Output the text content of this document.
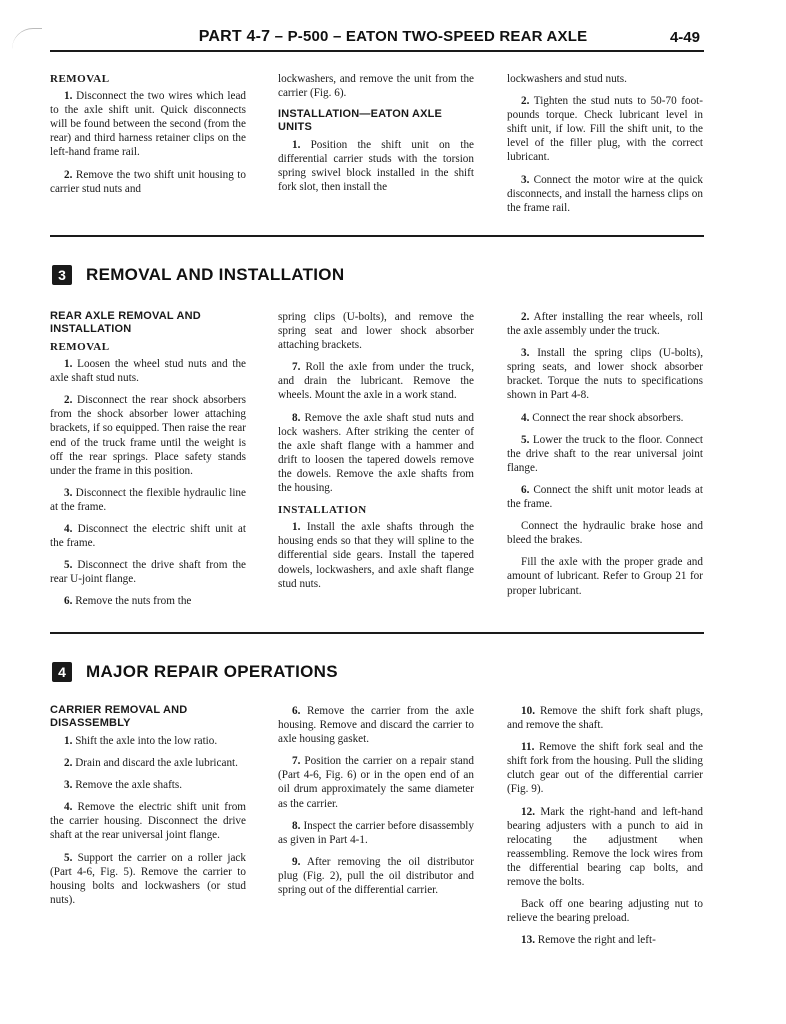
PART 4-7 – P-500 – EATON TWO-SPEED REAR AXLE	4-49
REMOVAL

1. Disconnect the two wires which lead to the axle shift unit. Quick disconnects will be found between the second (from the rear) and third harness retainer clips on the left-hand frame rail.

2. Remove the two shift unit housing to carrier stud nuts and

lockwashers, and remove the unit from the carrier (Fig. 6).

INSTALLATION—EATON AXLE UNITS

1. Position the shift unit on the differential carrier studs with the torsion spring swivel block installed in the shift fork slot, then install the

lockwashers and stud nuts.

2. Tighten the stud nuts to 50-70 foot-pounds torque. Check lubricant level in shift unit, if low. Fill the shift unit, to the level of the filler plug, with the correct lubricant.

3. Connect the motor wire at the quick disconnects, and install the harness clips on the frame rail.

3	REMOVAL AND INSTALLATION
REAR AXLE REMOVAL AND INSTALLATION
REMOVAL

1. Loosen the wheel stud nuts and the axle shaft stud nuts.

2. Disconnect the rear shock absorbers from the shock absorber lower attaching brackets, if so equipped. Then raise the rear end of the truck frame until the weight is off the rear springs. Place safety stands under the frame in this position.

3. Disconnect the flexible hydraulic line at the frame.

4. Disconnect the electric shift unit at the frame.

5. Disconnect the drive shaft from the rear U-joint flange.

6. Remove the nuts from the

spring clips (U-bolts), and remove the spring seat and lower shock absorber attaching brackets.

7. Roll the axle from under the truck, and drain the lubricant. Remove the wheels. Mount the axle in a work stand.

8. Remove the axle shaft stud nuts and lock washers. After striking the center of the axle shaft flange with a hammer and drift to loosen the tapered dowels remove the dowels. Remove the axle shafts from the housing.

INSTALLATION

1. Install the axle shafts through the housing ends so that they will spline to the differential side gears. Install the tapered dowels, lockwashers, and axle shaft flange stud nuts.

2. After installing the rear wheels, roll the axle assembly under the truck.

3. Install the spring clips (U-bolts), spring seats, and lower shock absorber bracket. Torque the nuts to specifications shown in Part 4-8.

4. Connect the rear shock absorbers.

5. Lower the truck to the floor. Connect the drive shaft to the rear universal joint flange.

6. Connect the shift unit motor leads at the frame.

Connect the hydraulic brake hose and bleed the brakes.

Fill the axle with the proper grade and amount of lubricant. Refer to Group 21 for proper lubricant.

4	MAJOR REPAIR OPERATIONS
CARRIER REMOVAL AND DISASSEMBLY

1. Shift the axle into the low ratio.

2. Drain and discard the axle lubricant.

3. Remove the axle shafts.

4. Remove the electric shift unit from the carrier housing. Disconnect the drive shaft at the rear universal joint flange.

5. Support the carrier on a roller jack (Part 4-6, Fig. 5). Remove the carrier to housing bolts and lockwashers (or stud nuts).

6. Remove the carrier from the axle housing. Remove and discard the carrier to axle housing gasket.

7. Position the carrier on a repair stand (Part 4-6, Fig. 6) or in the open end of an oil drum approximately the same diameter as the carrier.

8. Inspect the carrier before disassembly as given in Part 4-1.

9. After removing the oil distributor plug (Fig. 2), pull the oil distributor and spring out of the differential carrier.

10. Remove the shift fork shaft plugs, and remove the shaft.

11. Remove the shift fork seal and the shift fork from the housing. Pull the sliding clutch gear out of the differential carrier (Fig. 9).

12. Mark the right-hand and left-hand bearing adjusters with a punch to aid in relocating the adjustment when reassembling. Remove the lock wires from the differential bearing cap bolts, and remove the bolts.

Back off one bearing adjusting nut to relieve the bearing preload.

13. Remove the right and left-
